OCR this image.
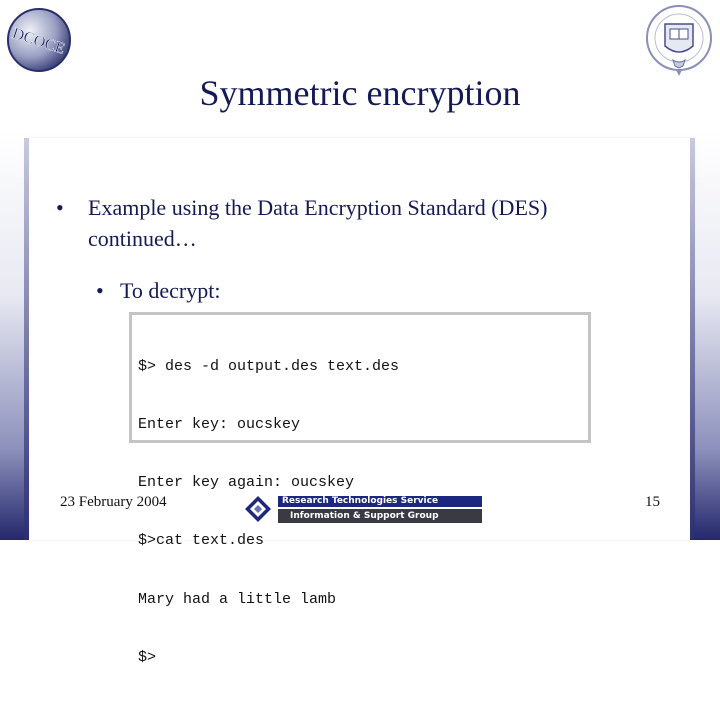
DCOCE
Symmetric encryption
• Example using the Data Encryption Standard (DES) continued…
• To decrypt:

$> des -d output.des text.des

Enter key: oucskey

Enter key again: oucskey

$>cat text.des

Mary had a little lamb

$>

23 February 2004	Research Technologies Service
Information & Support Group
15
